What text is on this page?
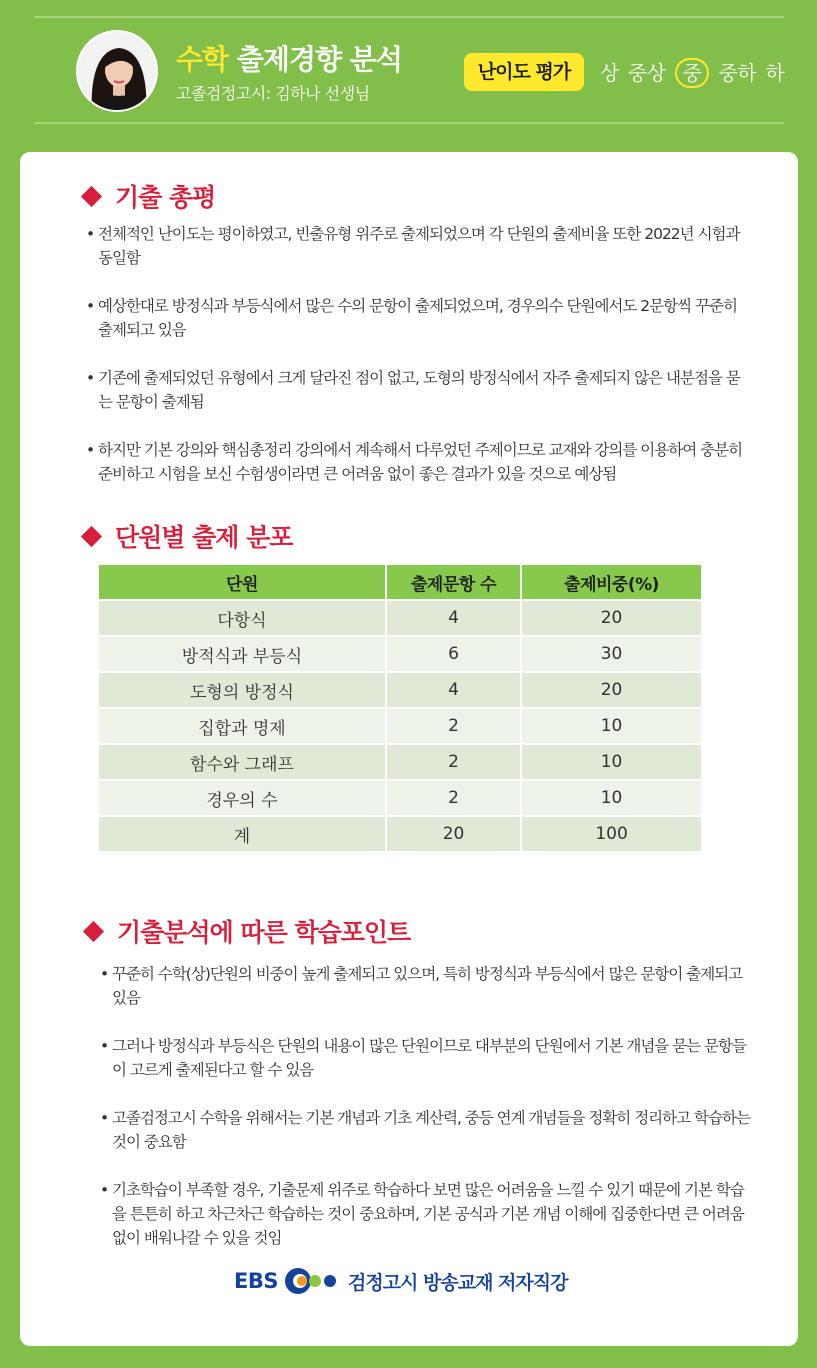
수학 출제경향 분석
고졸검정고시: 김하나 선생님
난이도 평가	상 중상 중 중하 하
기출 총평
• 전체적인 난이도는 평이하였고, 빈출유형 위주로 출제되었으며 각 단원의 출제비율 또한 2022년 시험과 동일함
• 예상한대로 방정식과 부등식에서 많은 수의 문항이 출제되었으며, 경우의수 단원에서도 2문항씩 꾸준히 출제되고 있음
• 기존에 출제되었던 유형에서 크게 달라진 점이 없고, 도형의 방정식에서 자주 출제되지 않은 내분점을 묻는 문항이 출제됨
• 하지만 기본 강의와 핵심총정리 강의에서 계속해서 다루었던 주제이므로 교재와 강의를 이용하여 충분히 준비하고 시험을 보신 수험생이라면 큰 어려움 없이 좋은 결과가 있을 것으로 예상됨
단원별 출제 분포
단원	출제문항 수	출제비중(%)
다항식	4	20
방적식과 부등식	6	30
도형의 방정식	4	20
집합과 명제	2	10
함수와 그래프	2	10
경우의 수	2	10
계	20	100
기출분석에 따른 학습포인트
• 꾸준히 수학(상)단원의 비중이 높게 출제되고 있으며, 특히 방정식과 부등식에서 많은 문항이 출제되고 있음
• 그러나 방정식과 부등식은 단원의 내용이 많은 단원이므로 대부분의 단원에서 기본 개념을 묻는 문항들이 고르게 출제된다고 할 수 있음
• 고졸검정고시 수학을 위해서는 기본 개념과 기초 계산력, 중등 연계 개념들을 정확히 정리하고 학습하는 것이 중요함
• 기초학습이 부족할 경우, 기출문제 위주로 학습하다 보면 많은 어려움을 느낄 수 있기 때문에 기본 학습을 튼튼히 하고 차근차근 학습하는 것이 중요하며, 기본 공식과 기본 개념 이해에 집중한다면 큰 어려움 없이 배워나갈 수 있을 것임
EBS	검정고시 방송교재 저자직강
